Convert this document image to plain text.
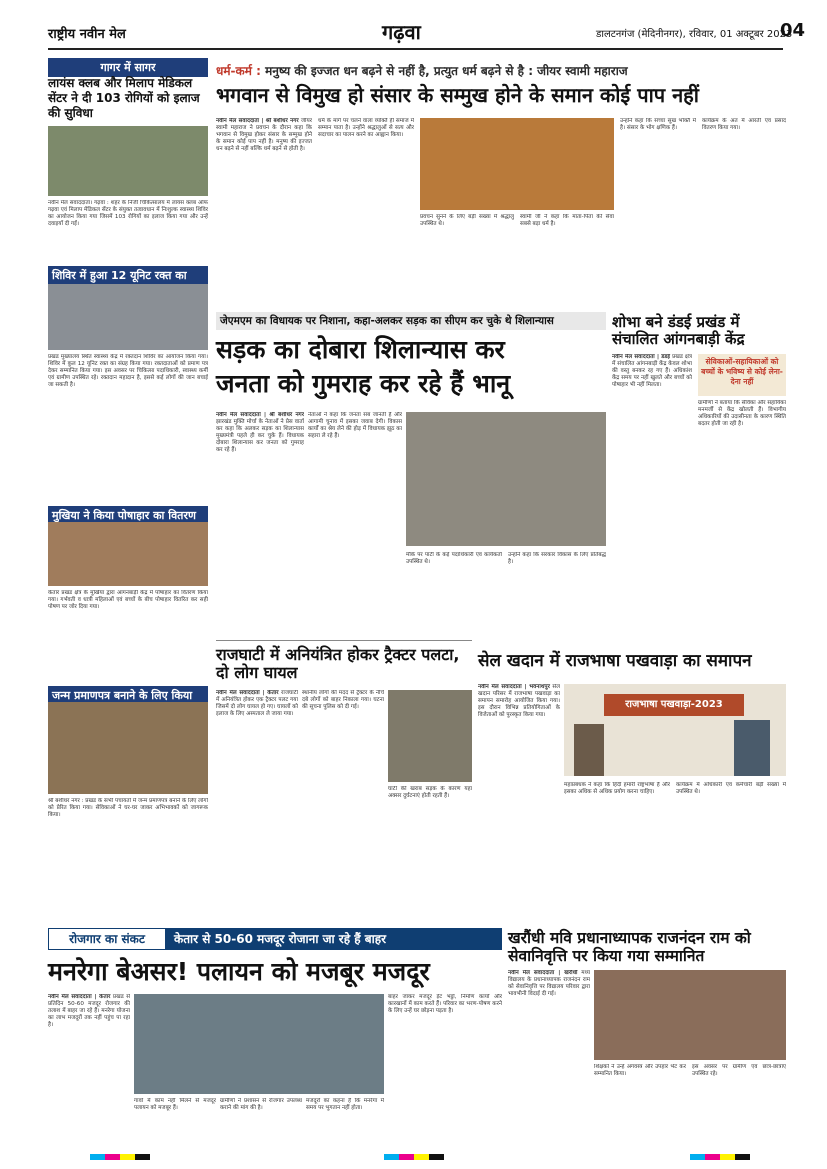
राष्ट्रीय नवीन मेल	गढ़वा	डालटनगंज (मेदिनीनगर), रविवार, 01 अक्टूबर 2023
04
गागर में सागर
लायंस क्लब और मिलाप मेडिकल सेंटर ने दी 103 रोगियों को इलाज की सुविधा
नवीन मेल संवाददाता। गढ़वा : शहर के निजी चिकित्सालय में लायंस क्लब ऑफ गढ़वा एवं मिलाप मेडिकल सेंटर के संयुक्त तत्वावधान में निःशुल्क स्वास्थ्य शिविर का आयोजन किया गया जिसमें 103 रोगियों का इलाज किया गया और उन्हें दवाइयाँ दी गईं।
शिविर में हुआ 12 यूनिट रक्त का
प्रखंड मुख्यालय स्थित स्वास्थ्य केंद्र में रक्तदान शिविर का आयोजन किया गया। शिविर में कुल 12 यूनिट रक्त का संग्रह किया गया। रक्तदाताओं को प्रमाण पत्र देकर सम्मानित किया गया। इस अवसर पर चिकित्सा पदाधिकारी, स्वास्थ्य कर्मी एवं ग्रामीण उपस्थित रहे। रक्तदान महादान है, इससे कई लोगों की जान बचाई जा सकती है।
मुखिया ने किया पोषाहार का वितरण
केतार प्रखंड क्षेत्र के मुखिया द्वारा आंगनबाड़ी केंद्र में पोषाहार का वितरण किया गया। गर्भवती व धात्री महिलाओं एवं बच्चों के बीच पोषाहार वितरित कर सही पोषण पर जोर दिया गया।
जन्म प्रमाणपत्र बनाने के लिए किया
श्री बंशीधर नगर : प्रखंड के सभी पंचायतों में जन्म प्रमाणपत्र बनाने के लिए लोगों को प्रेरित किया गया। सेविकाओं ने घर-घर जाकर अभिभावकों को जागरूक किया।
धर्म-कर्म : मनुष्य की इज्जत धन बढ़ने से नहीं है, प्रत्युत धर्म बढ़ने से है : जीयर स्वामी महाराज
भगवान से विमुख हो संसार के सम्मुख होने के समान कोई पाप नहीं
नवीन मेल संवाददाता | श्री बंशीधर नगर जीयर स्वामी महाराज ने प्रवचन के दौरान कहा कि भगवान से विमुख होकर संसार के सम्मुख होने के समान कोई पाप नहीं है। मनुष्य की इज्जत धन बढ़ने से नहीं बल्कि धर्म बढ़ने से होती है।
धर्म के मार्ग पर चलने वाला व्यक्ति ही समाज में सम्मान पाता है। उन्होंने श्रद्धालुओं से सत्य और सदाचार का पालन करने का आह्वान किया।
प्रवचन सुनने के लिए बड़ी संख्या में श्रद्धालु उपस्थित थे।
स्वामी जी ने कहा कि माता-पिता की सेवा सबसे बड़ा धर्म है।
उन्होंने कहा कि सच्चा सुख भक्ति में है। संसार के भोग क्षणिक हैं।
कार्यक्रम के अंत में आरती एवं प्रसाद वितरण किया गया।
जेएमएम का विधायक पर निशाना, कहा-अलकर सड़क का सीएम कर चुके थे शिलान्यास
सड़क का दोबारा शिलान्यास कर
जनता को गुमराह कर रहे हैं भानू
नवीन मेल संवाददाता | श्री बंशीधर नगर झारखंड मुक्ति मोर्चा के नेताओं ने प्रेस वार्ता कर कहा कि अलकर सड़क का शिलान्यास मुख्यमंत्री पहले ही कर चुके हैं। विधायक दोबारा शिलान्यास कर जनता को गुमराह कर रहे हैं।
नेताओं ने कहा कि जनता सब जानती है और आगामी चुनाव में इसका जवाब देगी। विकास कार्यों का श्रेय लेने की होड़ में विधायक झूठ का सहारा ले रहे हैं।
मौके पर पार्टी के कई पदाधिकारी एवं कार्यकर्ता उपस्थित थे।
उन्होंने कहा कि सरकार विकास के लिए प्रतिबद्ध है।
शोभा बने डंडई प्रखंड में संचालित आंगनबाड़ी केंद्र
नवीन मेल संवाददाता | डंडई प्रखंड क्षेत्र में संचालित आंगनबाड़ी केंद्र केवल शोभा की वस्तु बनकर रह गए हैं। अधिकांश केंद्र समय पर नहीं खुलते और बच्चों को पोषाहार भी नहीं मिलता।
सेविकाओं-सहायिकाओं को बच्चों के भविष्य से कोई लेना-देना नहीं
ग्रामीणों ने बताया कि सेविका और सहायिका मनमर्जी से केंद्र खोलती हैं। विभागीय अधिकारियों की उदासीनता के कारण स्थिति बदतर होती जा रही है।
राजघाटी में अनियंत्रित होकर ट्रैक्टर पलटा, दो लोग घायल
नवीन मेल संवाददाता | केतार राजघाटी में अनियंत्रित होकर एक ट्रैक्टर पलट गया जिसमें दो लोग घायल हो गए। घायलों को इलाज के लिए अस्पताल ले जाया गया।
स्थानीय लोगों की मदद से ट्रैक्टर के नीचे दबे लोगों को बाहर निकाला गया। घटना की सूचना पुलिस को दी गई।
घाटी की खराब सड़क के कारण यहां अक्सर दुर्घटनाएं होती रहती हैं।
सेल खदान में राजभाषा पखवाड़ा का समापन
नवीन मेल संवाददाता | भवनाथपुर सेल खदान परिसर में राजभाषा पखवाड़ा का समापन समारोह आयोजित किया गया। इस दौरान विभिन्न प्रतियोगिताओं के विजेताओं को पुरस्कृत किया गया।
राजभाषा पखवाड़ा-2023
महाप्रबंधक ने कहा कि हिंदी हमारी राष्ट्रभाषा है और इसका अधिक से अधिक प्रयोग करना चाहिए।
कार्यक्रम में अधिकारी एवं कर्मचारी बड़ी संख्या में उपस्थित थे।
रोजगार का संकट	केतार से 50-60 मजदूर रोजाना जा रहे हैं बाहर
मनरेगा बेअसर! पलायन को मजबूर मजदूर
नवीन मेल संवाददाता | केतार प्रखंड से प्रतिदिन 50-60 मजदूर रोजगार की तलाश में बाहर जा रहे हैं। मनरेगा योजना का लाभ मजदूरों तक नहीं पहुंच पा रहा है।
गांवों में काम नहीं मिलने से मजदूर पलायन को मजबूर हैं।
ग्रामीणों ने प्रशासन से रोजगार उपलब्ध कराने की मांग की है।
मजदूरों का कहना है कि मनरेगा में समय पर भुगतान नहीं होता।
बाहर जाकर मजदूर ईंट भट्ठों, निर्माण कार्यों और कारखानों में काम करते हैं। परिवार का भरण-पोषण करने के लिए उन्हें घर छोड़ना पड़ता है।
खरौंधी मवि प्रधानाध्यापक राजनंदन राम को सेवानिवृत्ति पर किया गया सम्मानित
नवीन मेल संवाददाता | खरौंधी मध्य विद्यालय के प्रधानाध्यापक राजनंदन राम को सेवानिवृत्ति पर विद्यालय परिवार द्वारा भावभीनी विदाई दी गई।
शिक्षकों ने उन्हें अंगवस्त्र और उपहार भेंट कर सम्मानित किया।
इस अवसर पर ग्रामीण एवं छात्र-छात्राएं उपस्थित रहे।
